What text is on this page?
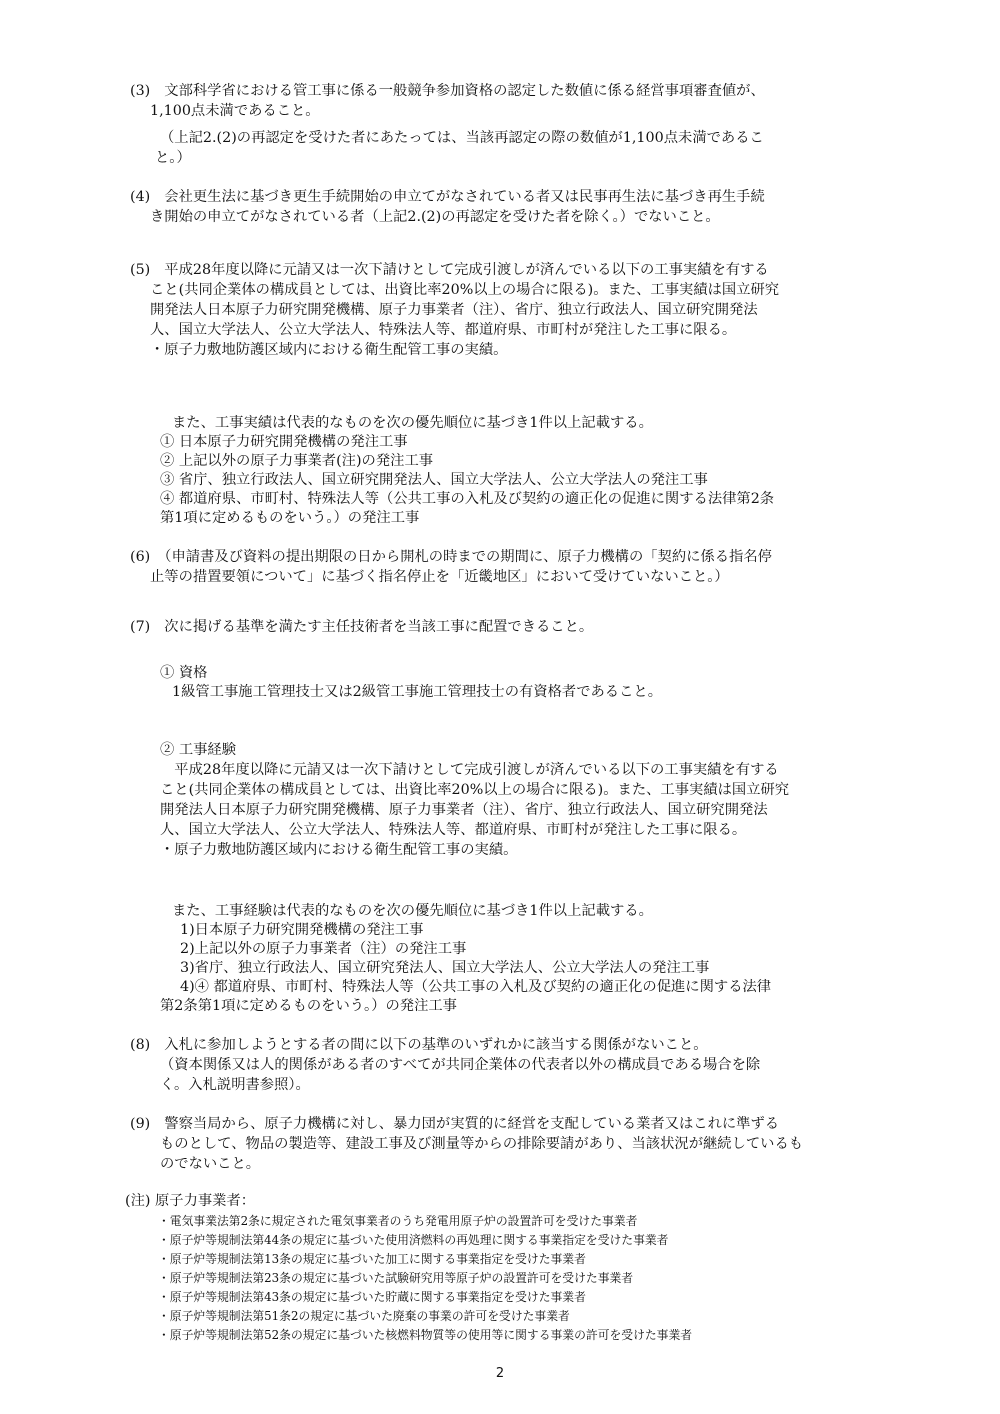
(3) 　文部科学省における管工事に係る一般競争参加資格の認定した数値に係る経営事項審査値が、
1,100点未満であること。
（上記2.(2)の再認定を受けた者にあたっては、当該再認定の際の数値が1,100点未満であるこ
と。）
(4) 　会社更生法に基づき更生手続開始の申立てがなされている者又は民事再生法に基づき再生手続
き開始の申立てがなされている者（上記2.(2)の再認定を受けた者を除く。）でないこと。
(5) 　平成28年度以降に元請又は一次下請けとして完成引渡しが済んでいる以下の工事実績を有する
こと(共同企業体の構成員としては、出資比率20%以上の場合に限る)。また、工事実績は国立研究
開発法人日本原子力研究開発機構、原子力事業者（注）、省庁、独立行政法人、国立研究開発法
人、国立大学法人、公立大学法人、特殊法人等、都道府県、市町村が発注した工事に限る。
・原子力敷地防護区域内における衛生配管工事の実績。
また、工事実績は代表的なものを次の優先順位に基づき1件以上記載する。
① 日本原子力研究開発機構の発注工事
② 上記以外の原子力事業者(注)の発注工事
③ 省庁、独立行政法人、国立研究開発法人、国立大学法人、公立大学法人の発注工事
④ 都道府県、市町村、特殊法人等（公共工事の入札及び契約の適正化の促進に関する法律第2条
第1項に定めるものをいう。）の発注工事
(6) 　（申請書及び資料の提出期限の日から開札の時までの期間に、原子力機構の「契約に係る指名停
止等の措置要領について」に基づく指名停止を「近畿地区」において受けていないこと。）
(7) 　次に掲げる基準を満たす主任技術者を当該工事に配置できること。
① 資格
1級管工事施工管理技士又は2級管工事施工管理技士の有資格者であること。
② 工事経験
　平成28年度以降に元請又は一次下請けとして完成引渡しが済んでいる以下の工事実績を有する
こと(共同企業体の構成員としては、出資比率20%以上の場合に限る)。また、工事実績は国立研究
開発法人日本原子力研究開発機構、原子力事業者（注）、省庁、独立行政法人、国立研究開発法
人、国立大学法人、公立大学法人、特殊法人等、都道府県、市町村が発注した工事に限る。
・原子力敷地防護区域内における衛生配管工事の実績。
また、工事経験は代表的なものを次の優先順位に基づき1件以上記載する。
1)日本原子力研究開発機構の発注工事
2)上記以外の原子力事業者（注）の発注工事
3)省庁、独立行政法人、国立研究発法人、国立大学法人、公立大学法人の発注工事
4)④ 都道府県、市町村、特殊法人等（公共工事の入札及び契約の適正化の促進に関する法律
第2条第1項に定めるものをいう。）の発注工事
(8) 　入札に参加しようとする者の間に以下の基準のいずれかに該当する関係がないこと。
（資本関係又は人的関係がある者のすべてが共同企業体の代表者以外の構成員である場合を除
く。入札説明書参照）。
(9) 　警察当局から、原子力機構に対し、暴力団が実質的に経営を支配している業者又はこれに準ずる
ものとして、物品の製造等、建設工事及び測量等からの排除要請があり、当該状況が継続しているも
のでないこと。
(注) 原子力事業者：
・電気事業法第2条に規定された電気事業者のうち発電用原子炉の設置許可を受けた事業者
・原子炉等規制法第44条の規定に基づいた使用済燃料の再処理に関する事業指定を受けた事業者
・原子炉等規制法第13条の規定に基づいた加工に関する事業指定を受けた事業者
・原子炉等規制法第23条の規定に基づいた試験研究用等原子炉の設置許可を受けた事業者
・原子炉等規制法第43条の規定に基づいた貯蔵に関する事業指定を受けた事業者
・原子炉等規制法第51条2の規定に基づいた廃棄の事業の許可を受けた事業者
・原子炉等規制法第52条の規定に基づいた核燃料物質等の使用等に関する事業の許可を受けた事業者
2
